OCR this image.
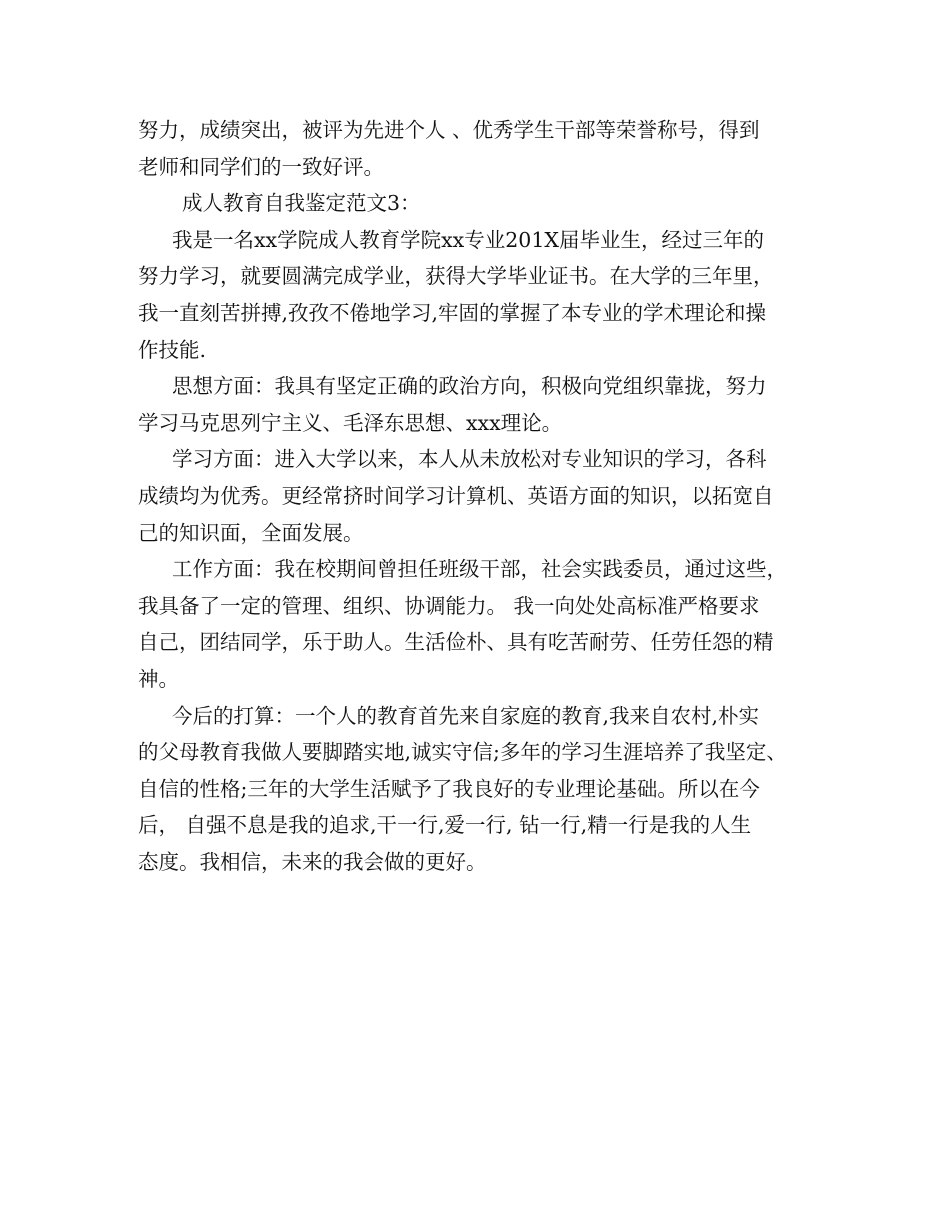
努力，成绩突出，被评为先进个人 、优秀学生干部等荣誉称号，得到
老师和同学们的一致好评。
成人教育自我鉴定范文3：
我是一名xx学院成人教育学院xx专业201X届毕业生，经过三年的
努力学习，就要圆满完成学业，获得大学毕业证书。在大学的三年里，
我一直刻苦拼搏,孜孜不倦地学习,牢固的掌握了本专业的学术理论和操
作技能.
思想方面：我具有坚定正确的政治方向，积极向党组织靠拢，努力
学习马克思列宁主义、毛泽东思想、xxx理论。
学习方面：进入大学以来，本人从未放松对专业知识的学习，各科
成绩均为优秀。更经常挤时间学习计算机、英语方面的知识，以拓宽自
己的知识面，全面发展。
工作方面：我在校期间曾担任班级干部，社会实践委员，通过这些，
我具备了一定的管理、组织、协调能力。 我一向处处高标准严格要求
自己，团结同学，乐于助人。生活俭朴、具有吃苦耐劳、任劳任怨的精
神。
今后的打算：一个人的教育首先来自家庭的教育,我来自农村,朴实
的父母教育我做人要脚踏实地,诚实守信;多年的学习生涯培养了我坚定、
自信的性格;三年的大学生活赋予了我良好的专业理论基础。所以在今
后， 自强不息是我的追求,干一行,爱一行, 钻一行,精一行是我的人生
态度。我相信，未来的我会做的更好。
